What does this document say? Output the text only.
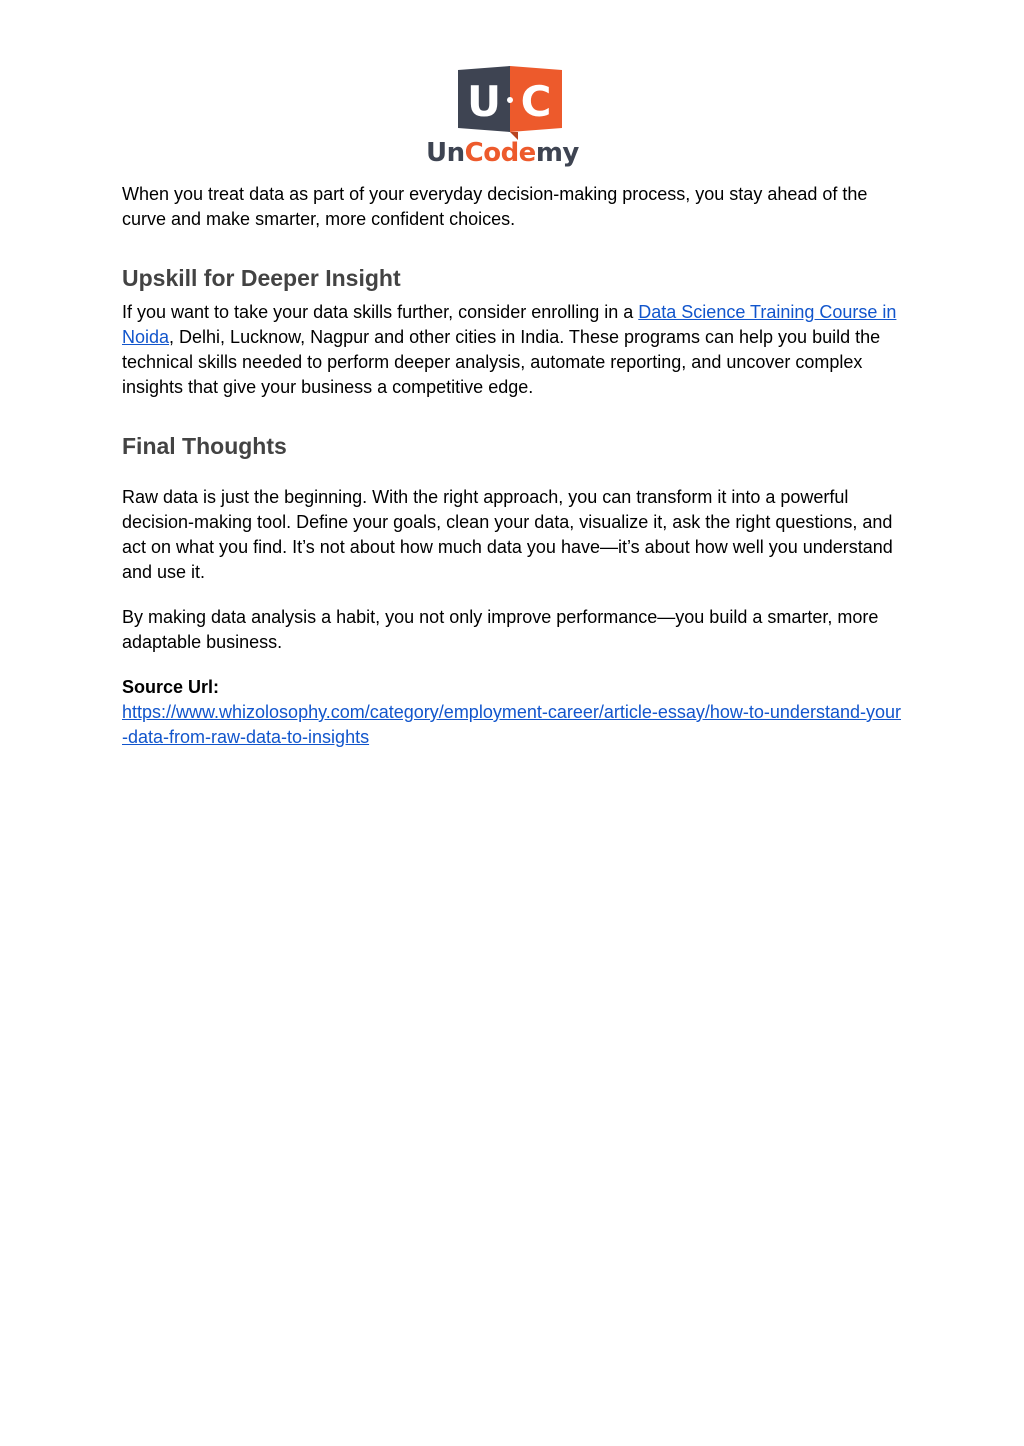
U C
UnCodemy

When you treat data as part of your everyday decision-making process, you stay ahead of the curve and make smarter, more confident choices.

Upskill for Deeper Insight

If you want to take your data skills further, consider enrolling in a Data Science Training Course in Noida, Delhi, Lucknow, Nagpur and other cities in India. These programs can help you build the technical skills needed to perform deeper analysis, automate reporting, and uncover complex insights that give your business a competitive edge.

Final Thoughts

Raw data is just the beginning. With the right approach, you can transform it into a powerful decision-making tool. Define your goals, clean your data, visualize it, ask the right questions, and act on what you find. It’s not about how much data you have—it’s about how well you understand and use it.

By making data analysis a habit, you not only improve performance—you build a smarter, more adaptable business.

Source Url:
https://www.whizolosophy.com/category/employment-career/article-essay/how-to-understand-your-data-from-raw-data-to-insights
